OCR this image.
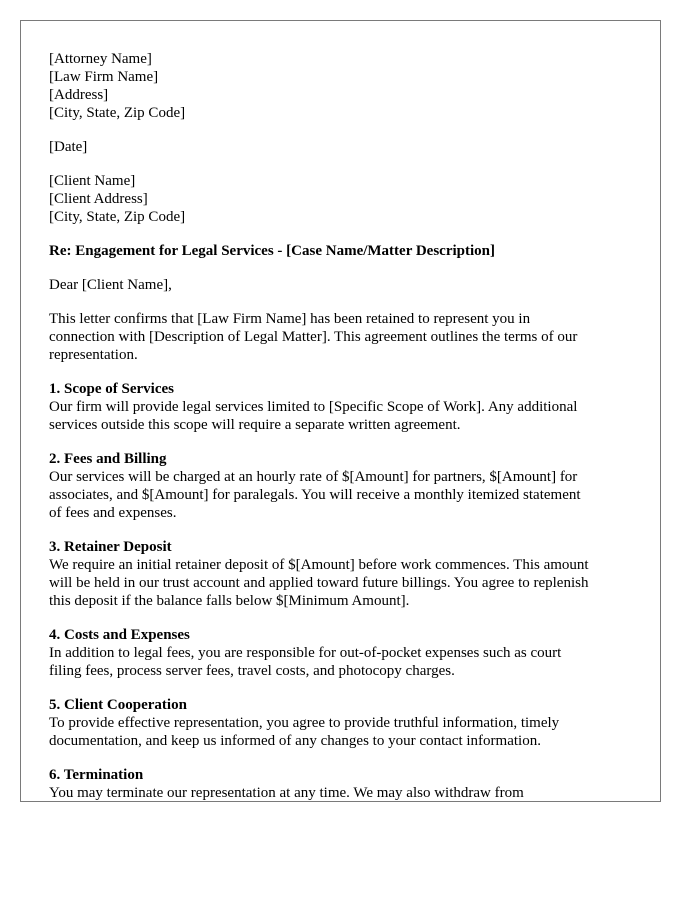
[Attorney Name]
[Law Firm Name]
[Address]
[City, State, Zip Code]
[Date]
[Client Name]
[Client Address]
[City, State, Zip Code]
Re: Engagement for Legal Services - [Case Name/Matter Description]
Dear [Client Name],
This letter confirms that [Law Firm Name] has been retained to represent you in
connection with [Description of Legal Matter]. This agreement outlines the terms of our
representation.
1. Scope of Services
Our firm will provide legal services limited to [Specific Scope of Work]. Any additional
services outside this scope will require a separate written agreement.
2. Fees and Billing
Our services will be charged at an hourly rate of $[Amount] for partners, $[Amount] for
associates, and $[Amount] for paralegals. You will receive a monthly itemized statement
of fees and expenses.
3. Retainer Deposit
We require an initial retainer deposit of $[Amount] before work commences. This amount
will be held in our trust account and applied toward future billings. You agree to replenish
this deposit if the balance falls below $[Minimum Amount].
4. Costs and Expenses
In addition to legal fees, you are responsible for out-of-pocket expenses such as court
filing fees, process server fees, travel costs, and photocopy charges.
5. Client Cooperation
To provide effective representation, you agree to provide truthful information, timely
documentation, and keep us informed of any changes to your contact information.
6. Termination
You may terminate our representation at any time. We may also withdraw from
